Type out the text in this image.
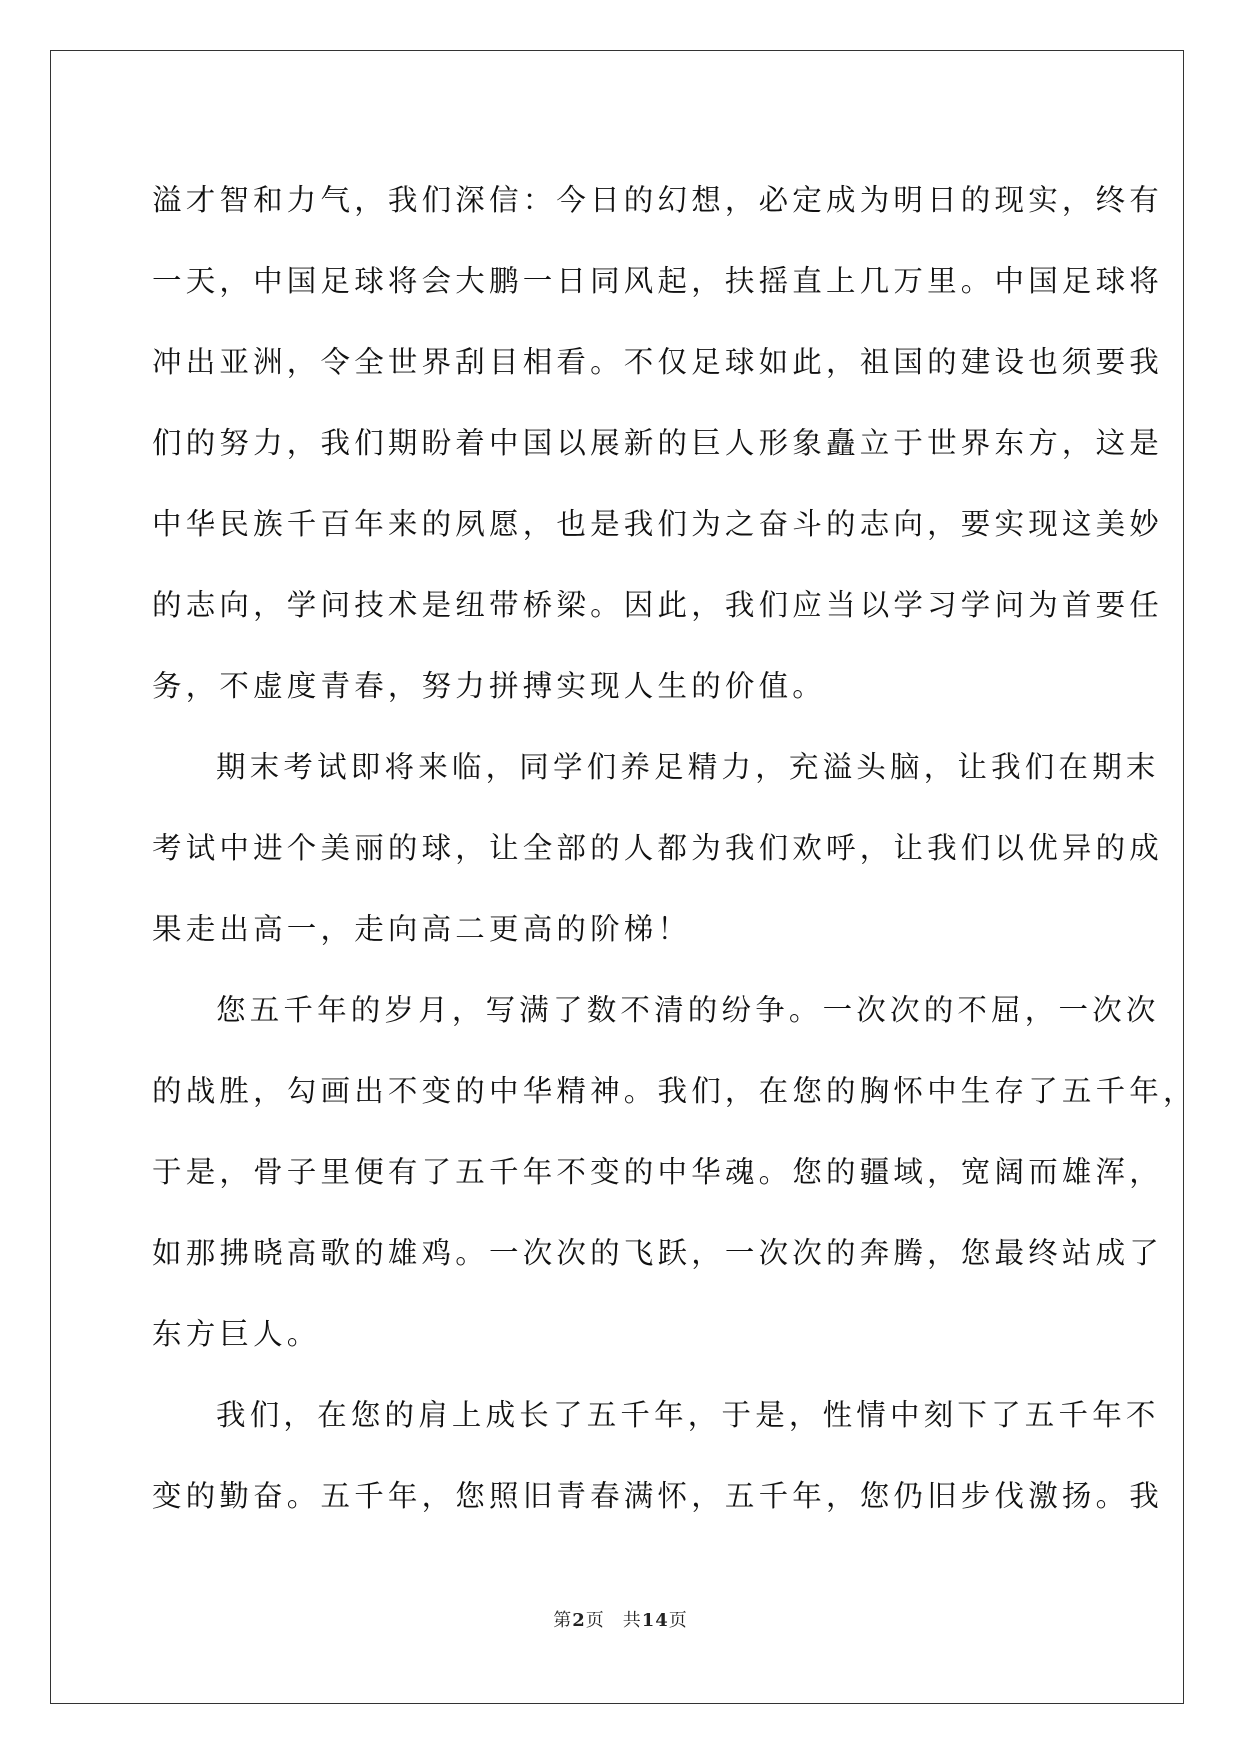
溢才智和力气，我们深信：今日的幻想，必定成为明日的现实，终有
一天，中国足球将会大鹏一日同风起，扶摇直上几万里。中国足球将
冲出亚洲，令全世界刮目相看。不仅足球如此，祖国的建设也须要我
们的努力，我们期盼着中国以展新的巨人形象矗立于世界东方，这是
中华民族千百年来的夙愿，也是我们为之奋斗的志向，要实现这美妙
的志向，学问技术是纽带桥梁。因此，我们应当以学习学问为首要任
务，不虚度青春，努力拼搏实现人生的价值。
期末考试即将来临，同学们养足精力，充溢头脑，让我们在期末
考试中进个美丽的球，让全部的人都为我们欢呼，让我们以优异的成
果走出高一，走向高二更高的阶梯！
您五千年的岁月，写满了数不清的纷争。一次次的不屈，一次次
的战胜，勾画出不变的中华精神。我们，在您的胸怀中生存了五千年，
于是，骨子里便有了五千年不变的中华魂。您的疆域，宽阔而雄浑，
如那拂晓高歌的雄鸡。一次次的飞跃，一次次的奔腾，您最终站成了
东方巨人。
我们，在您的肩上成长了五千年，于是，性情中刻下了五千年不
变的勤奋。五千年，您照旧青春满怀，五千年，您仍旧步伐激扬。我
第2页 共14页
